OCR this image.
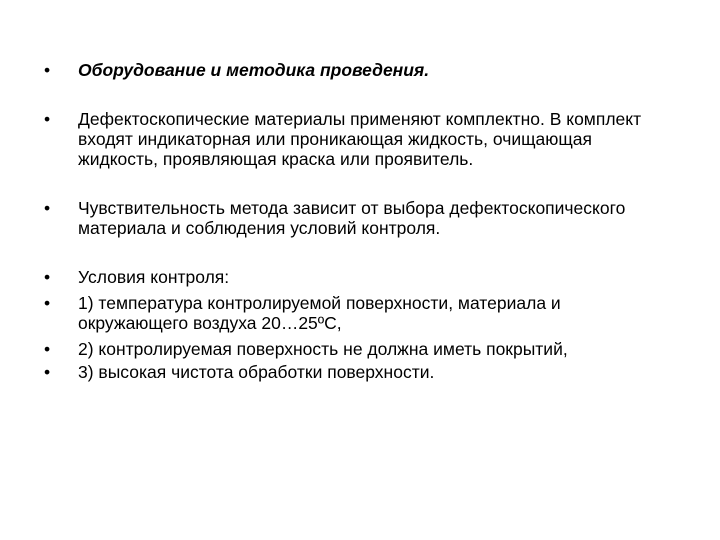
•	Оборудование и методика проведения.
•	Дефектоскопические материалы применяют комплектно. В комплект входят индикаторная или проникающая жидкость, очищающая жидкость, проявляющая краска или проявитель.
•	Чувствительность метода зависит от выбора дефектоскопического материала и соблюдения условий контроля.
•	Условия контроля:
•	1) температура контролируемой поверхности, материала и окружающего воздуха 20…25ºС,
•	2) контролируемая поверхность не должна иметь покрытий,
•	3) высокая чистота обработки поверхности.
